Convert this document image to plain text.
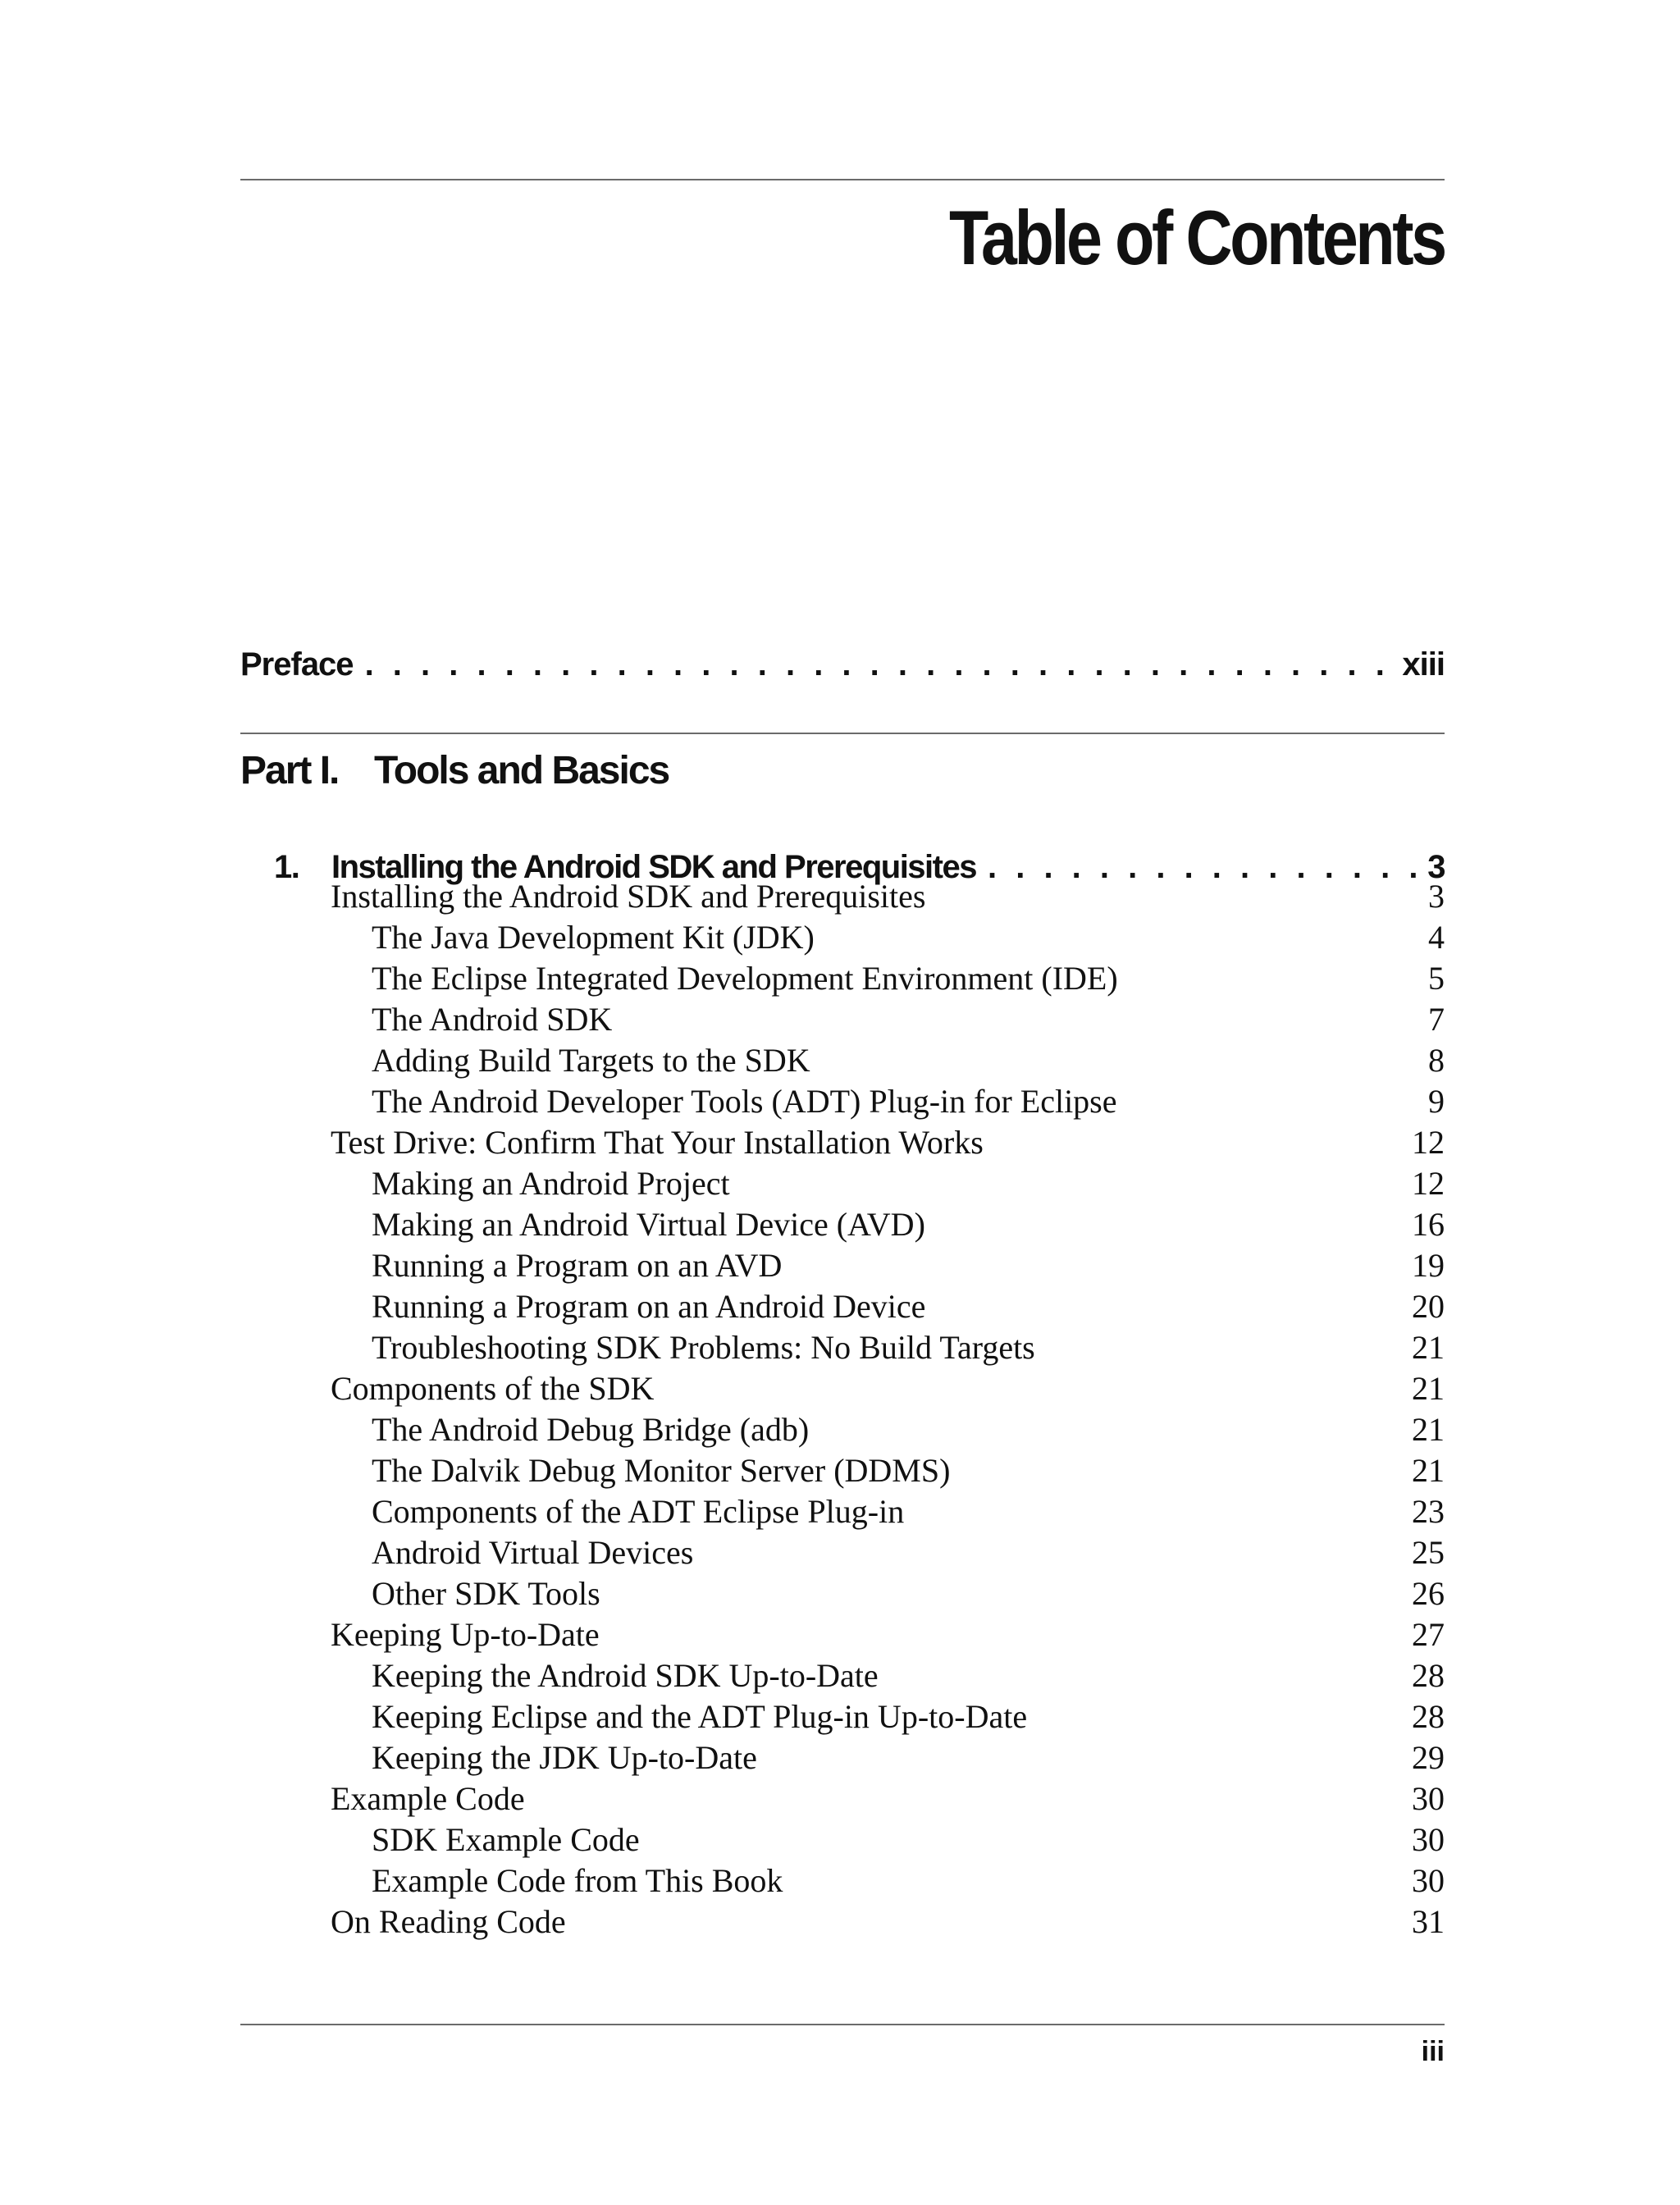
Table of Contents
Preface . . .	xiii
Part I. Tools and Basics
1. Installing the Android SDK and Prerequisites . . .	3
Installing the Android SDK and Prerequisites	3
The Java Development Kit (JDK)	4
The Eclipse Integrated Development Environment (IDE)	5
The Android SDK	7
Adding Build Targets to the SDK	8
The Android Developer Tools (ADT) Plug-in for Eclipse	9
Test Drive: Confirm That Your Installation Works	12
Making an Android Project	12
Making an Android Virtual Device (AVD)	16
Running a Program on an AVD	19
Running a Program on an Android Device	20
Troubleshooting SDK Problems: No Build Targets	21
Components of the SDK	21
The Android Debug Bridge (adb)	21
The Dalvik Debug Monitor Server (DDMS)	21
Components of the ADT Eclipse Plug-in	23
Android Virtual Devices	25
Other SDK Tools	26
Keeping Up-to-Date	27
Keeping the Android SDK Up-to-Date	28
Keeping Eclipse and the ADT Plug-in Up-to-Date	28
Keeping the JDK Up-to-Date	29
Example Code	30
SDK Example Code	30
Example Code from This Book	30
On Reading Code	31

iii
